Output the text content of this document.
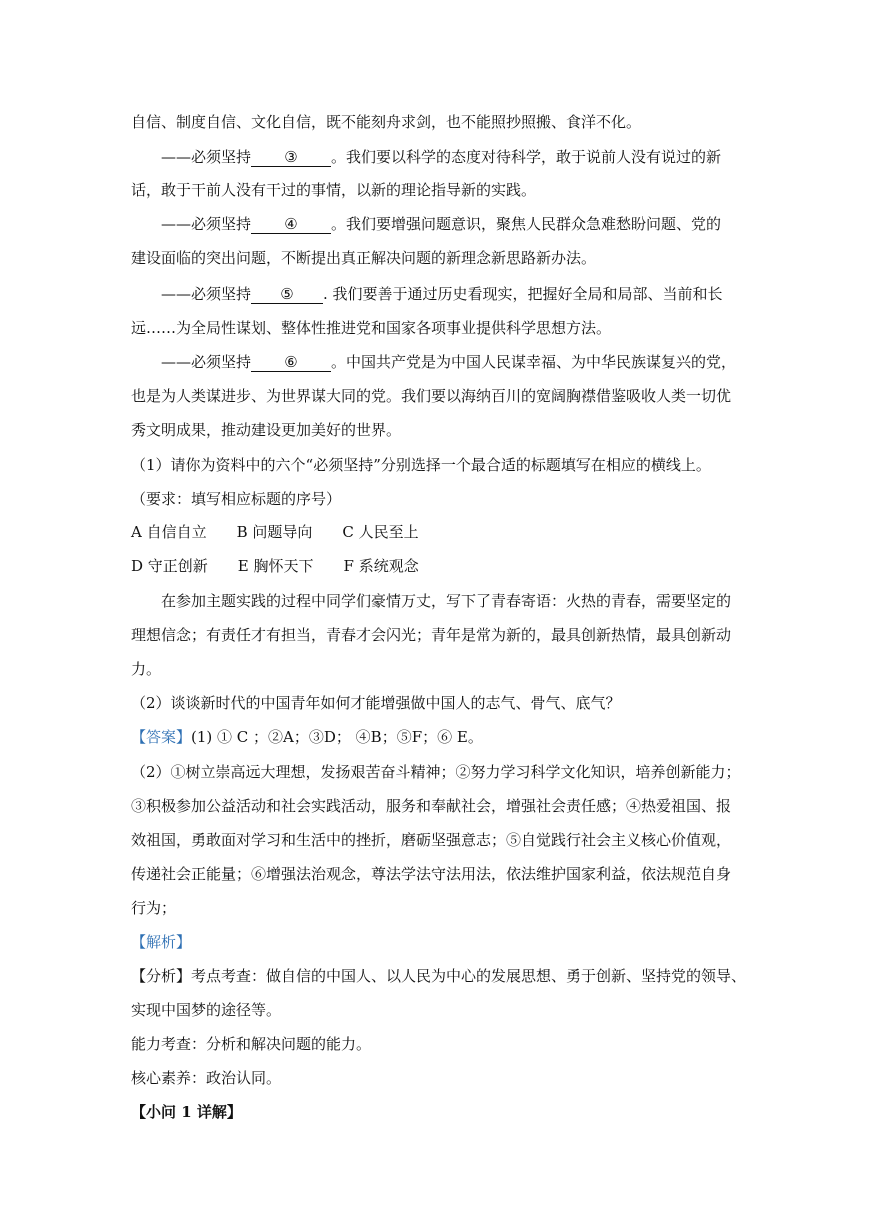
自信、制度自信、文化自信，既不能刻舟求剑，也不能照抄照搬、食洋不化。
——必须坚持 ③ 。我们要以科学的态度对待科学，敢于说前人没有说过的新
话，敢于干前人没有干过的事情，以新的理论指导新的实践。
——必须坚持 ④ 。我们要增强问题意识，聚焦人民群众急难愁盼问题、党的
建设面临的突出问题，不断提出真正解决问题的新理念新思路新办法。
——必须坚持 ⑤ . 我们要善于通过历史看现实，把握好全局和局部、当前和长
远……为全局性谋划、整体性推进党和国家各项事业提供科学思想方法。
——必须坚持 ⑥ 。中国共产党是为中国人民谋幸福、为中华民族谋复兴的党，
也是为人类谋进步、为世界谋大同的党。我们要以海纳百川的宽阔胸襟借鉴吸收人类一切优
秀文明成果，推动建设更加美好的世界。
（1）请你为资料中的六个“必须坚持”分别选择一个最合适的标题填写在相应的横线上。
（要求：填写相应标题的序号）
A 自信自立 B 问题导向 C 人民至上
D 守正创新 E 胸怀天下 F 系统观念
在参加主题实践的过程中同学们豪情万丈，写下了青春寄语：火热的青春，需要坚定的
理想信念；有责任才有担当，青春才会闪光；青年是常为新的，最具创新热情，最具创新动
力。
（2）谈谈新时代的中国青年如何才能增强做中国人的志气、骨气、底气？
【答案】(1) ① C ；②A；③D； ④B；⑤F；⑥ E。
（2）①树立崇高远大理想，发扬艰苦奋斗精神；②努力学习科学文化知识，培养创新能力；
③积极参加公益活动和社会实践活动，服务和奉献社会，增强社会责任感；④热爱祖国、报
效祖国，勇敢面对学习和生活中的挫折，磨砺坚强意志；⑤自觉践行社会主义核心价值观，
传递社会正能量；⑥增强法治观念，尊法学法守法用法，依法维护国家利益，依法规范自身
行为；
【解析】
【分析】考点考查：做自信的中国人、以人民为中心的发展思想、勇于创新、坚持党的领导、
实现中国梦的途径等。
能力考查：分析和解决问题的能力。
核心素养：政治认同。
【小问 1 详解】
